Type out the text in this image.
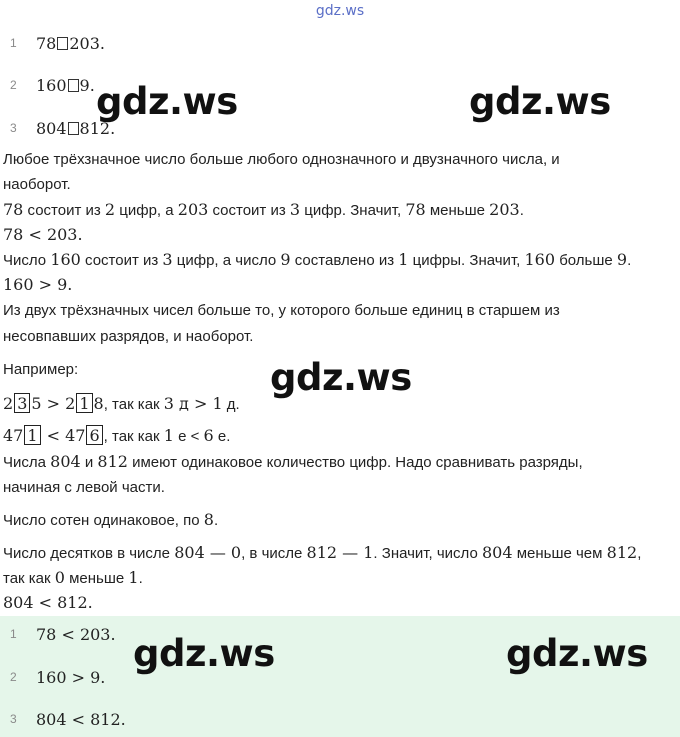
gdz.ws
1	78 203.
2	160 9.
3	804 812.
Любое трёхзначное число больше любого однозначного и двузначного числа, и
наоборот.
78 состоит из 2 цифр, а 203 состоит из 3 цифр. Значит, 78 меньше 203.
78 < 203.
Число 160 состоит из 3 цифр, а число 9 составлено из 1 цифры. Значит, 160 больше 9.
160 > 9.
Из двух трёхзначных чисел больше то, у которого больше единиц в старшем из
несовпавших разрядов, и наоборот.
Например:
2 3 5 > 2 1 8, так как 3 д > 1 д.
47 1 < 47 6 , так как 1 е < 6 е.
Числа 804 и 812 имеют одинаковое количество цифр. Надо сравнивать разряды,
начиная с левой части.
Число сотен одинаковое, по 8.
Число десятков в числе 804 — 0, в числе 812 — 1. Значит, число 804 меньше чем 812,
так как 0 меньше 1.
804 < 812.
1	78 < 203.
2	160 > 9.
3	804 < 812.
gdz.ws	gdz.ws
gdz.ws
gdz.ws	gdz.ws
